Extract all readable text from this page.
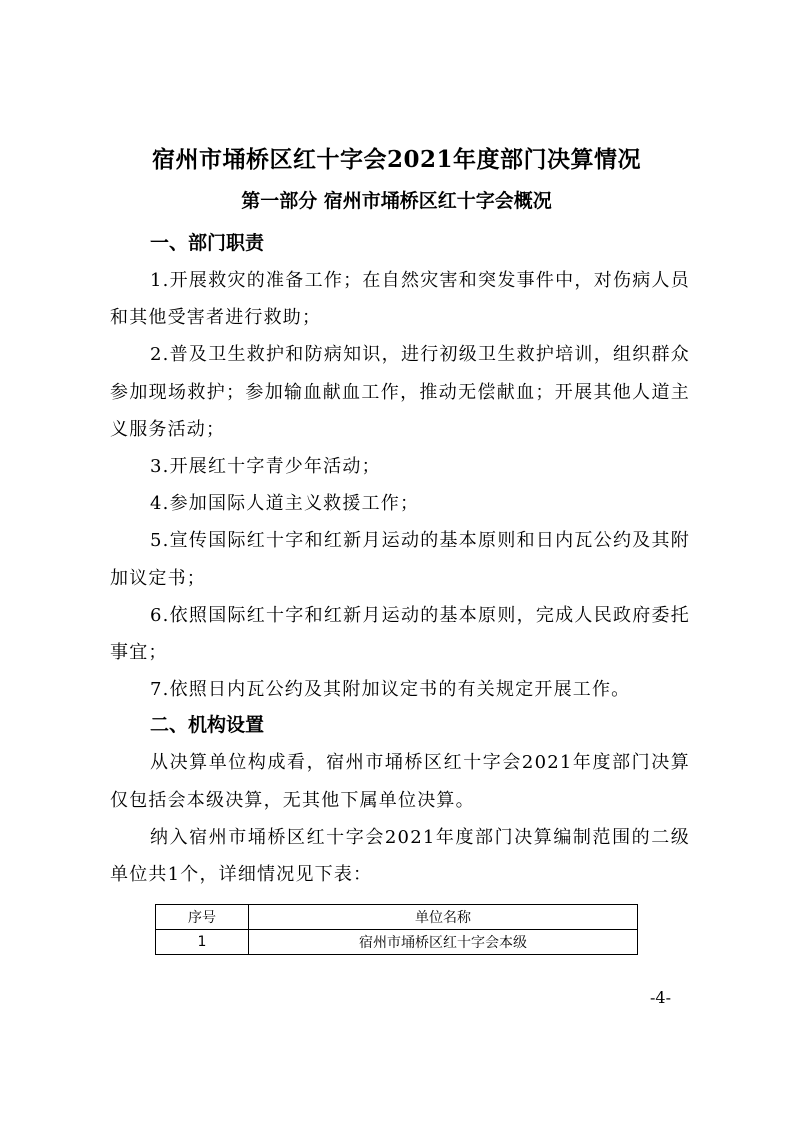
宿州市埇桥区红十字会2021年度部门决算情况
第一部分 宿州市埇桥区红十字会概况
一、部门职责

1.开展救灾的准备工作；在自然灾害和突发事件中，对伤病人员和其他受害者进行救助；

2.普及卫生救护和防病知识，进行初级卫生救护培训，组织群众参加现场救护；参加输血献血工作，推动无偿献血；开展其他人道主义服务活动；

3.开展红十字青少年活动；

4.参加国际人道主义救援工作；

5.宣传国际红十字和红新月运动的基本原则和日内瓦公约及其附加议定书；

6.依照国际红十字和红新月运动的基本原则，完成人民政府委托事宜；

7.依照日内瓦公约及其附加议定书的有关规定开展工作。

二、机构设置

从决算单位构成看，宿州市埇桥区红十字会2021年度部门决算仅包括会本级决算，无其他下属单位决算。

纳入宿州市埇桥区红十字会2021年度部门决算编制范围的二级单位共1个，详细情况见下表：

序号	单位名称
1	宿州市埇桥区红十字会本级
-4-
